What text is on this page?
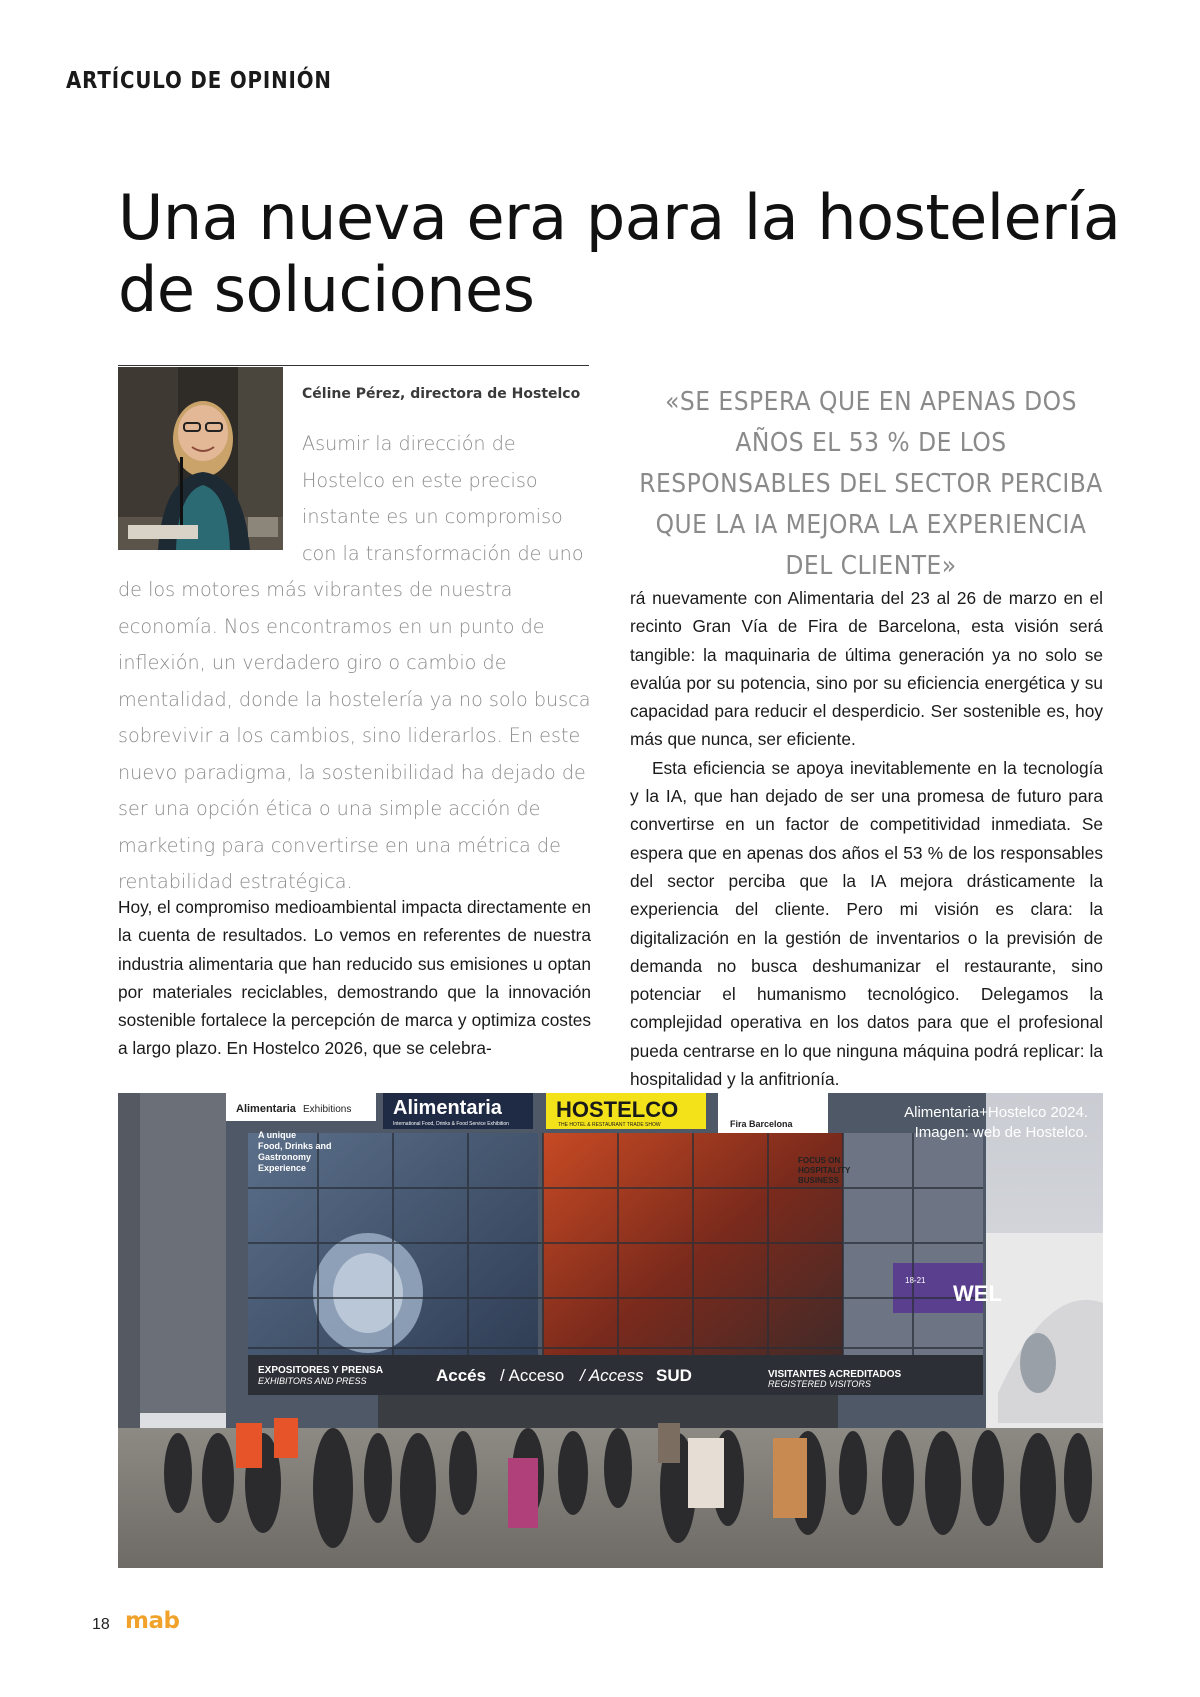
ARTÍCULO DE OPINIÓN
Una nueva era para la hostelería
de soluciones
Céline Pérez, directora de Hostelco
Asumir la dirección de Hostelco en este preciso instante es un compromiso con la transformación de uno de los motores más vibrantes de nuestra economía. Nos encontramos en un punto de inflexión, un verdadero giro o cambio de mentalidad, donde la hostelería ya no solo busca sobrevivir a los cambios, sino liderarlos. En este nuevo paradigma, la sostenibilidad ha dejado de ser una opción ética o una simple acción de marketing para convertirse en una métrica de rentabilidad estratégica.
«SE ESPERA QUE EN APENAS DOS AÑOS EL 53 % DE LOS RESPONSABLES DEL SECTOR PERCIBA QUE LA IA MEJORA LA EXPERIENCIA DEL CLIENTE»

Hoy, el compromiso medioambiental impacta directamente en la cuenta de resultados. Lo vemos en referentes de nuestra industria alimentaria que han reducido sus emisiones u optan por materiales reciclables, demostrando que la innovación sostenible fortalece la percepción de marca y optimiza costes a largo plazo. En Hostelco 2026, que se celebra-

rá nuevamente con Alimentaria del 23 al 26 de marzo en el recinto Gran Vía de Fira de Barcelona, esta visión será tangible: la maquinaria de última generación ya no solo se evalúa por su potencia, sino por su eficiencia energética y su capacidad para reducir el desperdicio. Ser sostenible es, hoy más que nunca, ser eficiente.

Esta eficiencia se apoya inevitablemente en la tecnología y la IA, que han dejado de ser una promesa de futuro para convertirse en un factor de competitividad inmediata. Se espera que en apenas dos años el 53 % de los responsables del sector perciba que la IA mejora drásticamente la experiencia del cliente. Pero mi visión es clara: la digitalización en la gestión de inventarios o la previsión de demanda no busca deshumanizar el restaurante, sino potenciar el humanismo tecnológico. Delegamos la complejidad operativa en los datos para que el profesional pueda centrarse en lo que ninguna máquina podrá replicar: la hospitalidad y la anfitrionía.

Alimentaria Exhibitions Alimentaria
International Food, Drinks & Food Service Exhibition
HOSTELCO
THE HOTEL & RESTAURANT TRADE SHOW	Fira Barcelona
A unique
Food, Drinks and
Gastronomy
Experience
FOCUS ON
HOSPITALITY
BUSINESS
18-21
WEL
EXPOSITORES Y PRENSA
EXHIBITORS AND PRESS	Accés / Acceso / Access SUD	VISITANTES ACREDITADOS
REGISTERED VISITORS
Alimentaria+Hostelco 2024.
Imagen: web de Hostelco.
18 mab
